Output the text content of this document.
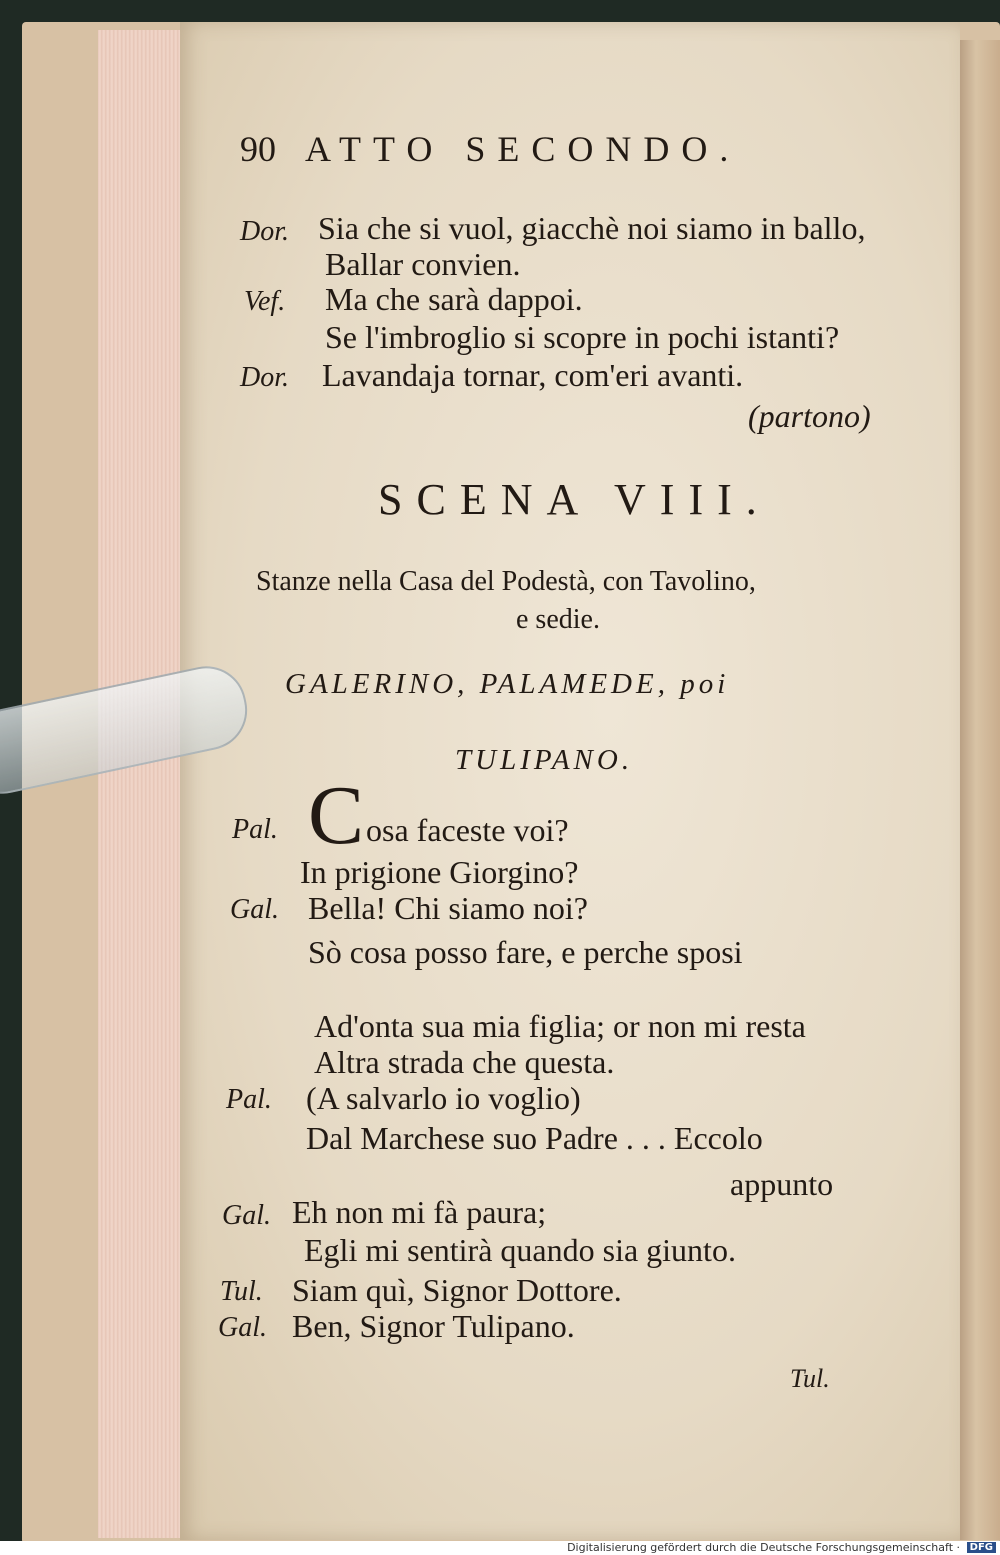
90 ATTO SECONDO.
Dor. Sia che si vuol, giacchè noi siamo in ballo,
Ballar convien.
Vef. Ma che sarà dappoi.
Se l'imbroglio si scopre in pochi istanti?
Dor. Lavandaja tornar, com'eri avanti.
(partono)
SCENA VIII.
Stanze nella Casa del Podestà, con Tavolino,
e sedie.
GALERINO, PALAMEDE, poi
TULIPANO.
C
Pal.	osa faceste voi?
In prigione Giorgino?
Gal. Bella! Chi siamo noi?
Sò cosa posso fare, e perche sposi
Ad'onta sua mia figlia; or non mi resta
Altra strada che questa.
Pal. (A salvarlo io voglio)
Dal Marchese suo Padre . . . Eccolo
appunto
Gal. Eh non mi fà paura;
Egli mi sentirà quando sia giunto.
Tul. Siam quì, Signor Dottore.
Gal. Ben, Signor Tulipano.
Tul.
Digitalisierung gefördert durch die Deutsche Forschungsgemeinschaft · DFG
